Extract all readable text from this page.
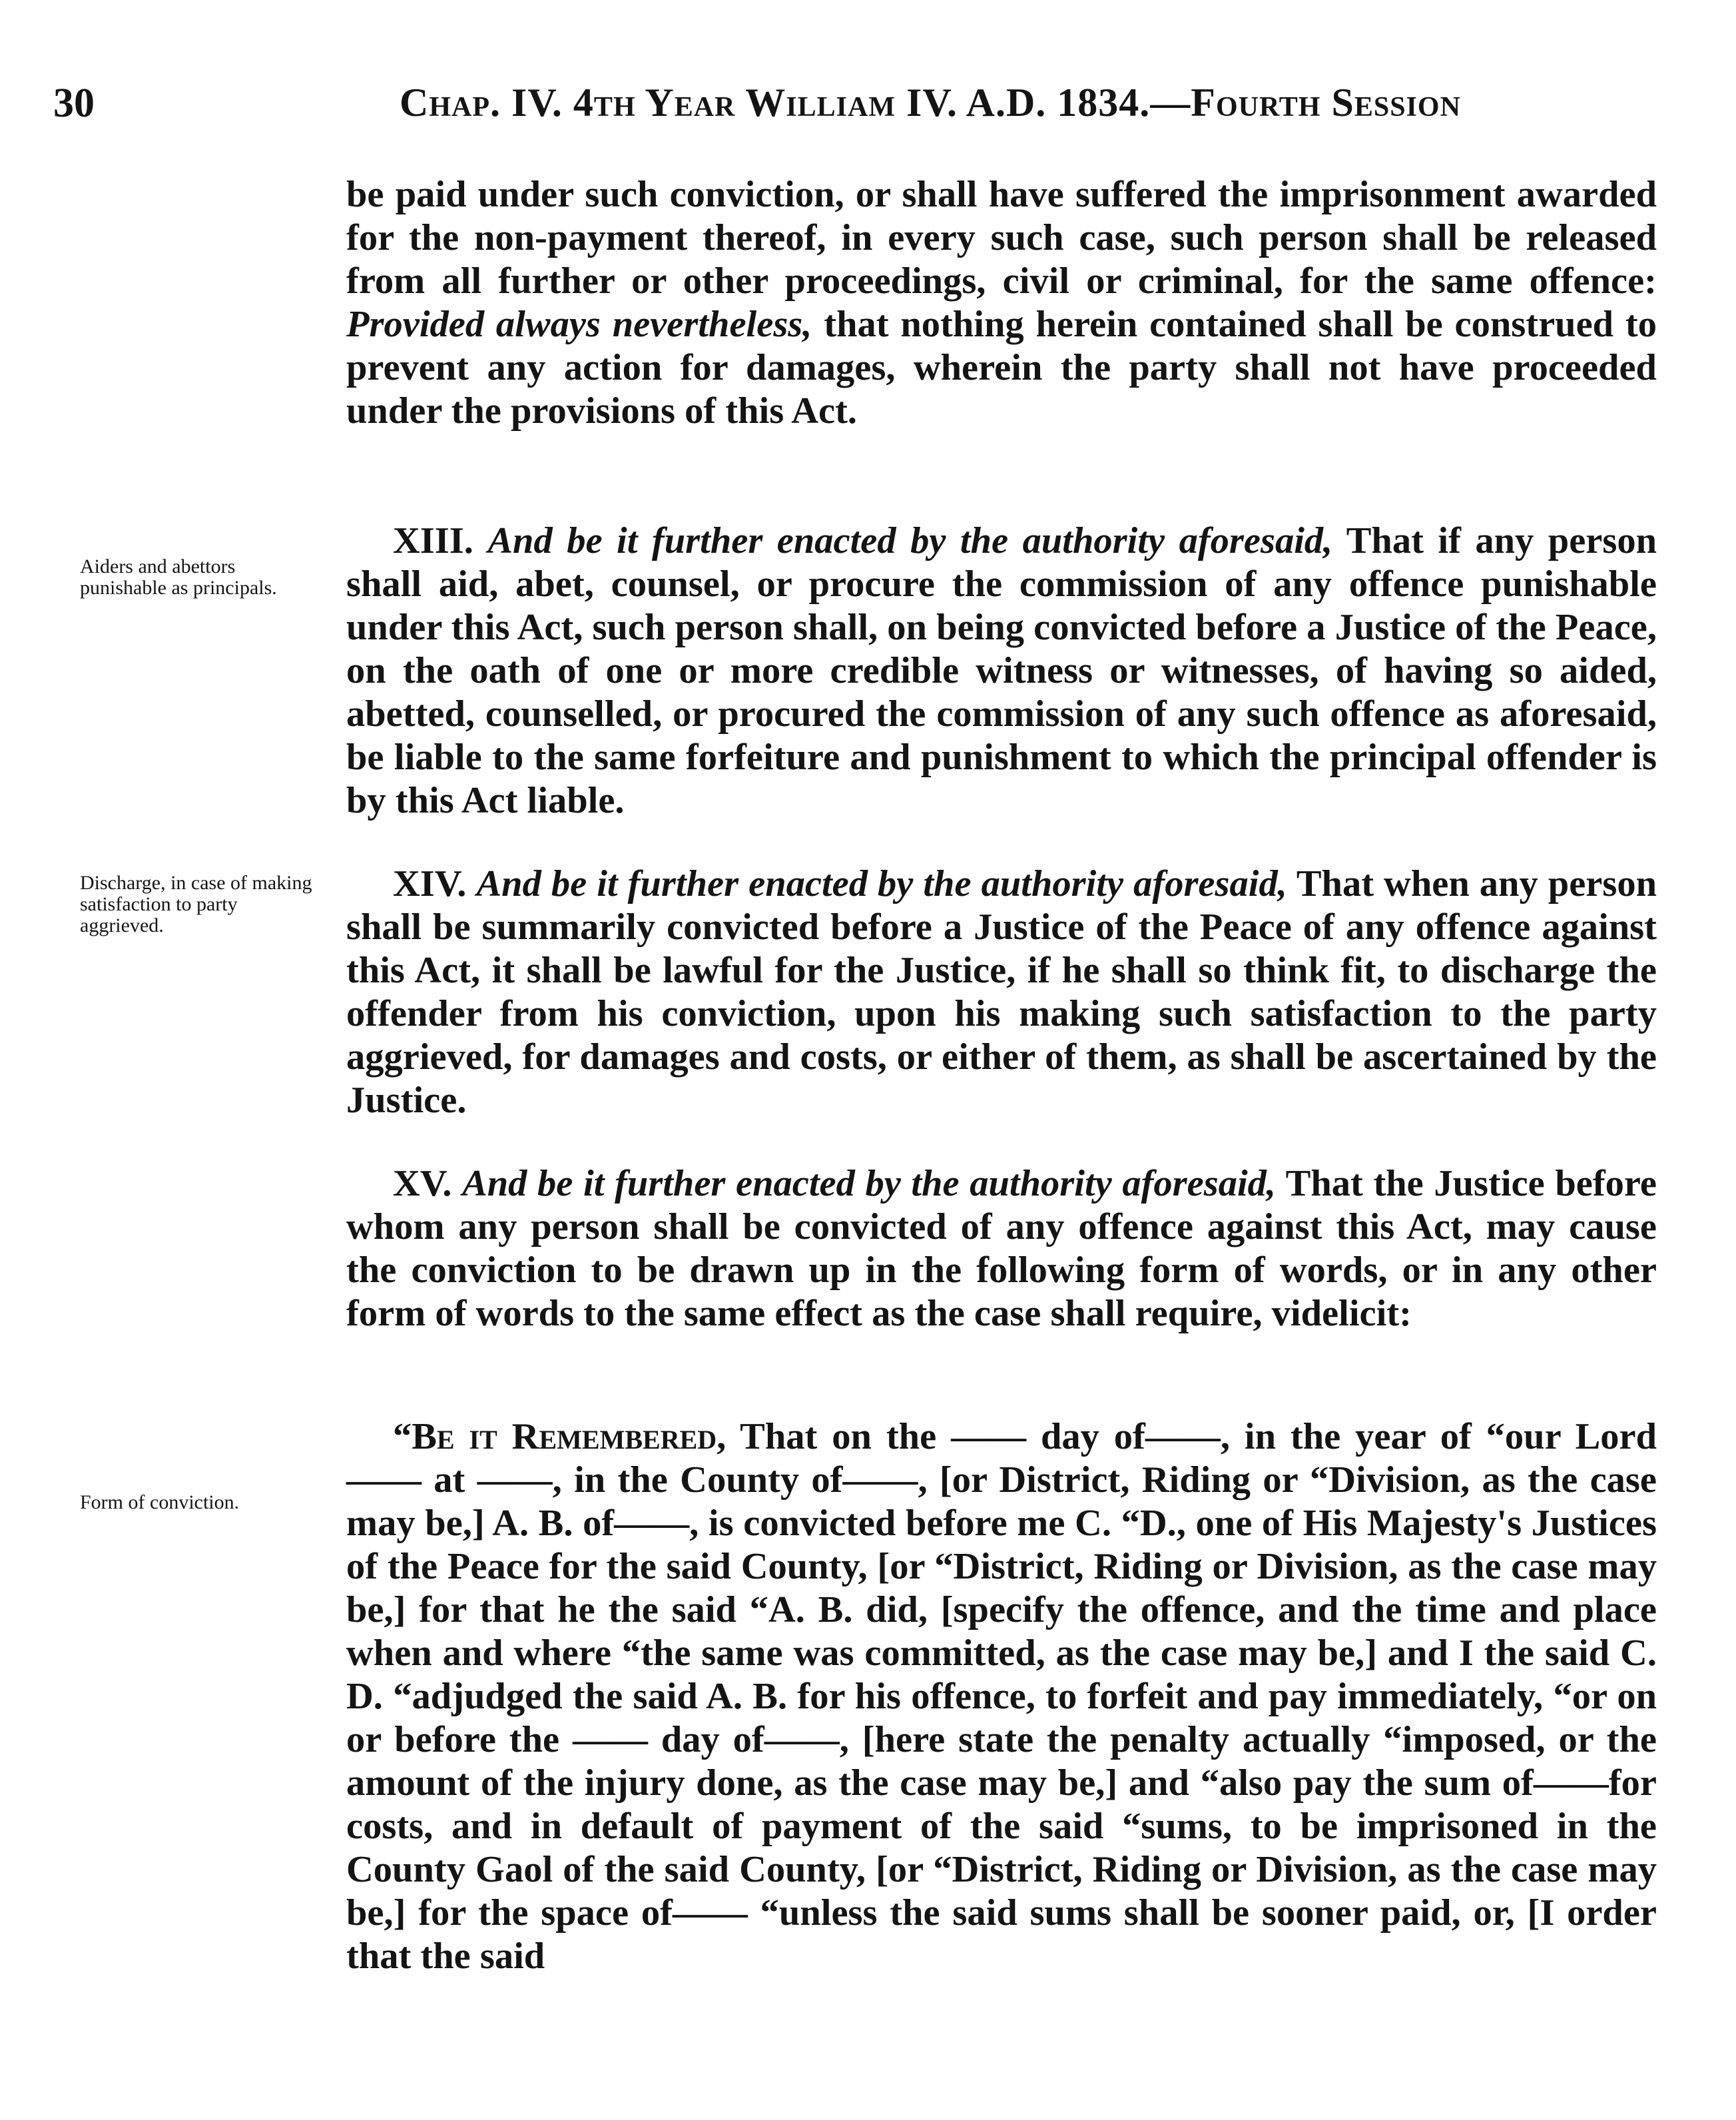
30	Chap. IV. 4th Year William IV. A.D. 1834.—Fourth Session

be paid under such conviction, or shall have suffered the imprisonment awarded for the non-payment thereof, in every such case, such person shall be released from all further or other proceedings, civil or criminal, for the same offence: Provided always nevertheless, that nothing herein contained shall be construed to prevent any action for damages, wherein the party shall not have proceeded under the provisions of this Act.

Aiders and abettors punishable as principals.

XIII. And be it further enacted by the authority aforesaid, That if any person shall aid, abet, counsel, or procure the commission of any offence punishable under this Act, such person shall, on being convicted before a Justice of the Peace, on the oath of one or more credible witness or witnesses, of having so aided, abetted, counselled, or procured the commission of any such offence as aforesaid, be liable to the same forfeiture and punishment to which the principal offender is by this Act liable.

Discharge, in case of making satisfaction to party aggrieved.

XIV. And be it further enacted by the authority aforesaid, That when any person shall be summarily convicted before a Justice of the Peace of any offence against this Act, it shall be lawful for the Justice, if he shall so think fit, to discharge the offender from his conviction, upon his making such satisfaction to the party aggrieved, for damages and costs, or either of them, as shall be ascertained by the Justice.

XV. And be it further enacted by the authority aforesaid, That the Justice before whom any person shall be convicted of any offence against this Act, may cause the conviction to be drawn up in the following form of words, or in any other form of words to the same effect as the case shall require, videlicit:

Form of conviction.

“Be it Remembered, That on the —— day of——, in the year of “our Lord —— at ——, in the County of——, [or District, Riding or “Division, as the case may be,] A. B. of——, is convicted before me C. “D., one of His Majesty's Justices of the Peace for the said County, [or “District, Riding or Division, as the case may be,] for that he the said “A. B. did, [specify the offence, and the time and place when and where “the same was committed, as the case may be,] and I the said C. D. “adjudged the said A. B. for his offence, to forfeit and pay immediately, “or on or before the —— day of——, [here state the penalty actually “imposed, or the amount of the injury done, as the case may be,] and “also pay the sum of——for costs, and in default of payment of the said “sums, to be imprisoned in the County Gaol of the said County, [or “District, Riding or Division, as the case may be,] for the space of—— “unless the said sums shall be sooner paid, or, [I order that the said
